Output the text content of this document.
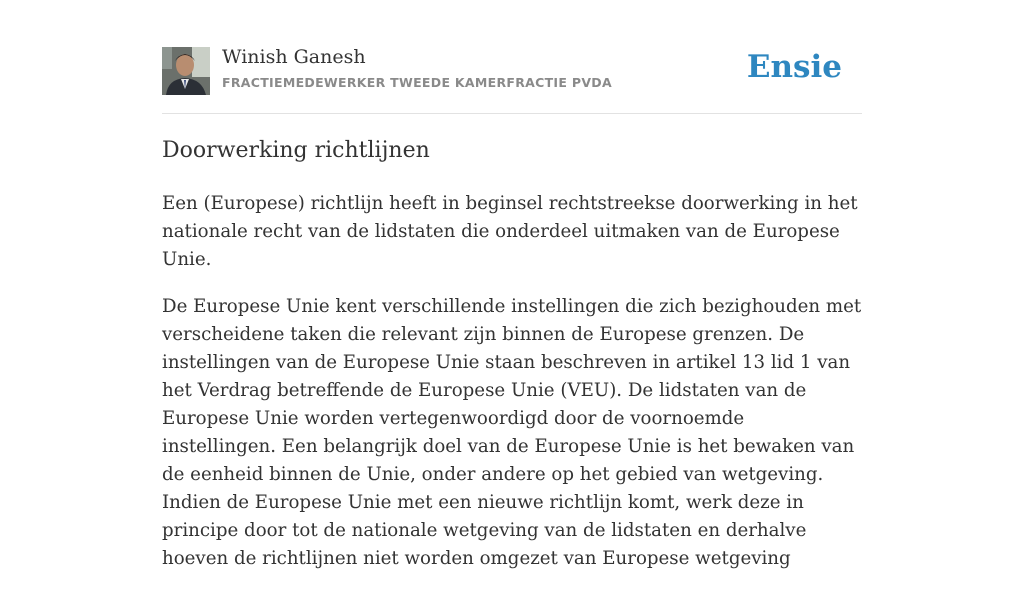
Winish Ganesh
FRACTIEMEDEWERKER TWEEDE KAMERFRACTIE PVDA	Ensie
Doorwerking richtlijnen

Een (Europese) richtlijn heeft in beginsel rechtstreekse doorwerking in het nationale recht van de lidstaten die onderdeel uitmaken van de Europese Unie.

De Europese Unie kent verschillende instellingen die zich bezighouden met verscheidene taken die relevant zijn binnen de Europese grenzen. De instellingen van de Europese Unie staan beschreven in artikel 13 lid 1 van het Verdrag betreffende de Europese Unie (VEU). De lidstaten van de Europese Unie worden vertegenwoordigd door de voornoemde instellingen. Een belangrijk doel van de Europese Unie is het bewaken van de eenheid binnen de Unie, onder andere op het gebied van wetgeving. Indien de Europese Unie met een nieuwe richtlijn komt, werk deze in principe door tot de nationale wetgeving van de lidstaten en derhalve hoeven de richtlijnen niet worden omgezet van Europese wetgeving
